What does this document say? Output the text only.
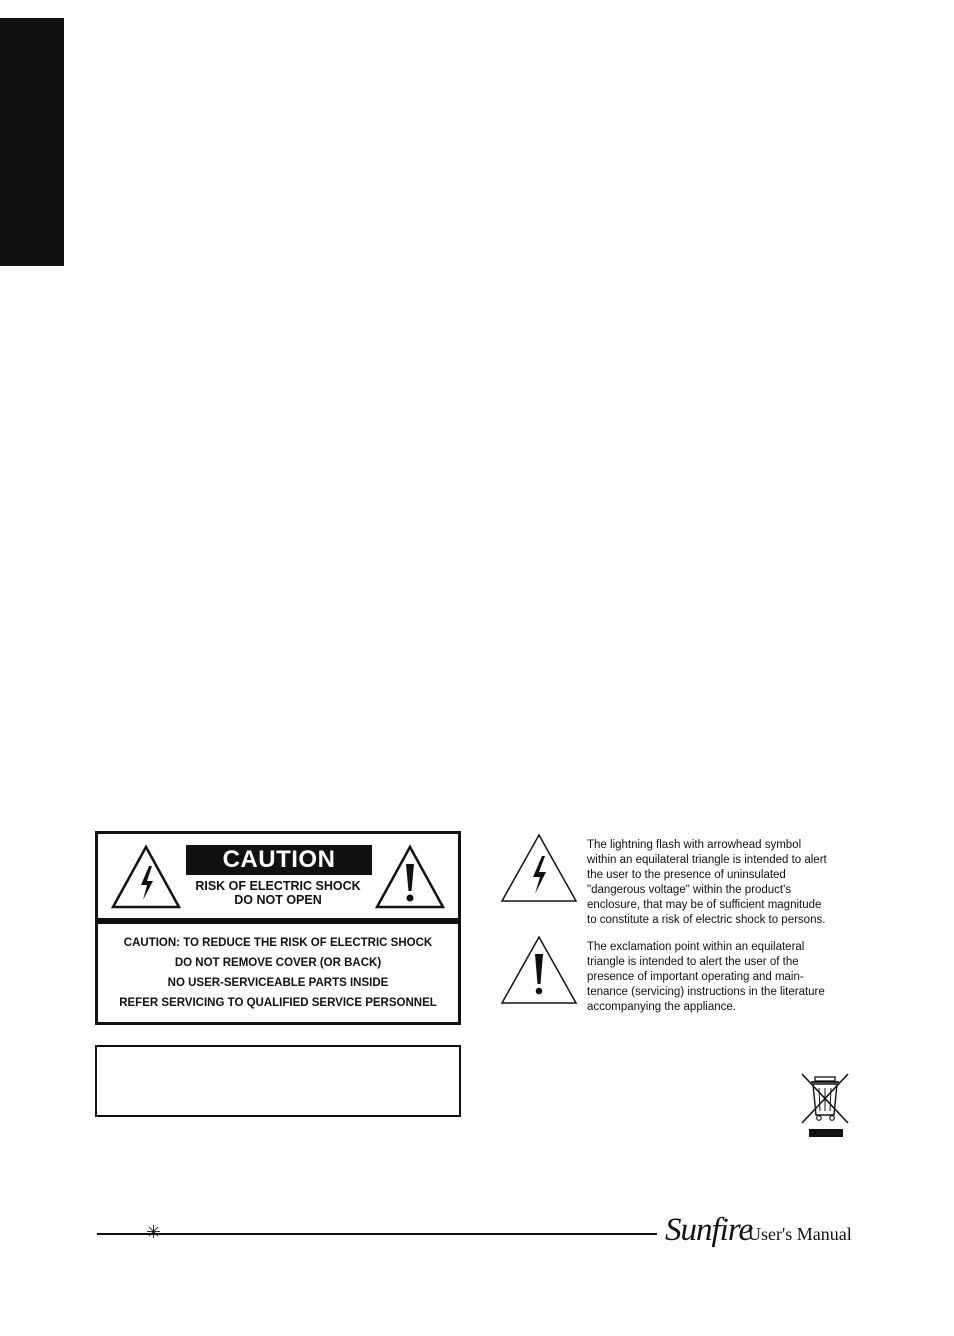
CAUTION
RISK OF ELECTRIC SHOCK
DO NOT OPEN
CAUTION: TO REDUCE THE RISK OF ELECTRIC SHOCK
DO NOT REMOVE COVER (OR BACK)
NO USER-SERVICEABLE PARTS INSIDE
REFER SERVICING TO QUALIFIED SERVICE PERSONNEL

The lightning flash with arrowhead symbol

within an equilateral triangle is intended to alert

the user to the presence of uninsulated

"dangerous voltage" within the product's

enclosure, that may be of sufficient magnitude

to constitute a risk of electric shock to persons.

The exclamation point within an equilateral

triangle is intended to alert the user of the

presence of important operating and main-

tenance (servicing) instructions in the literature

accompanying the appliance.

✳	Sunfire
User's Manual
